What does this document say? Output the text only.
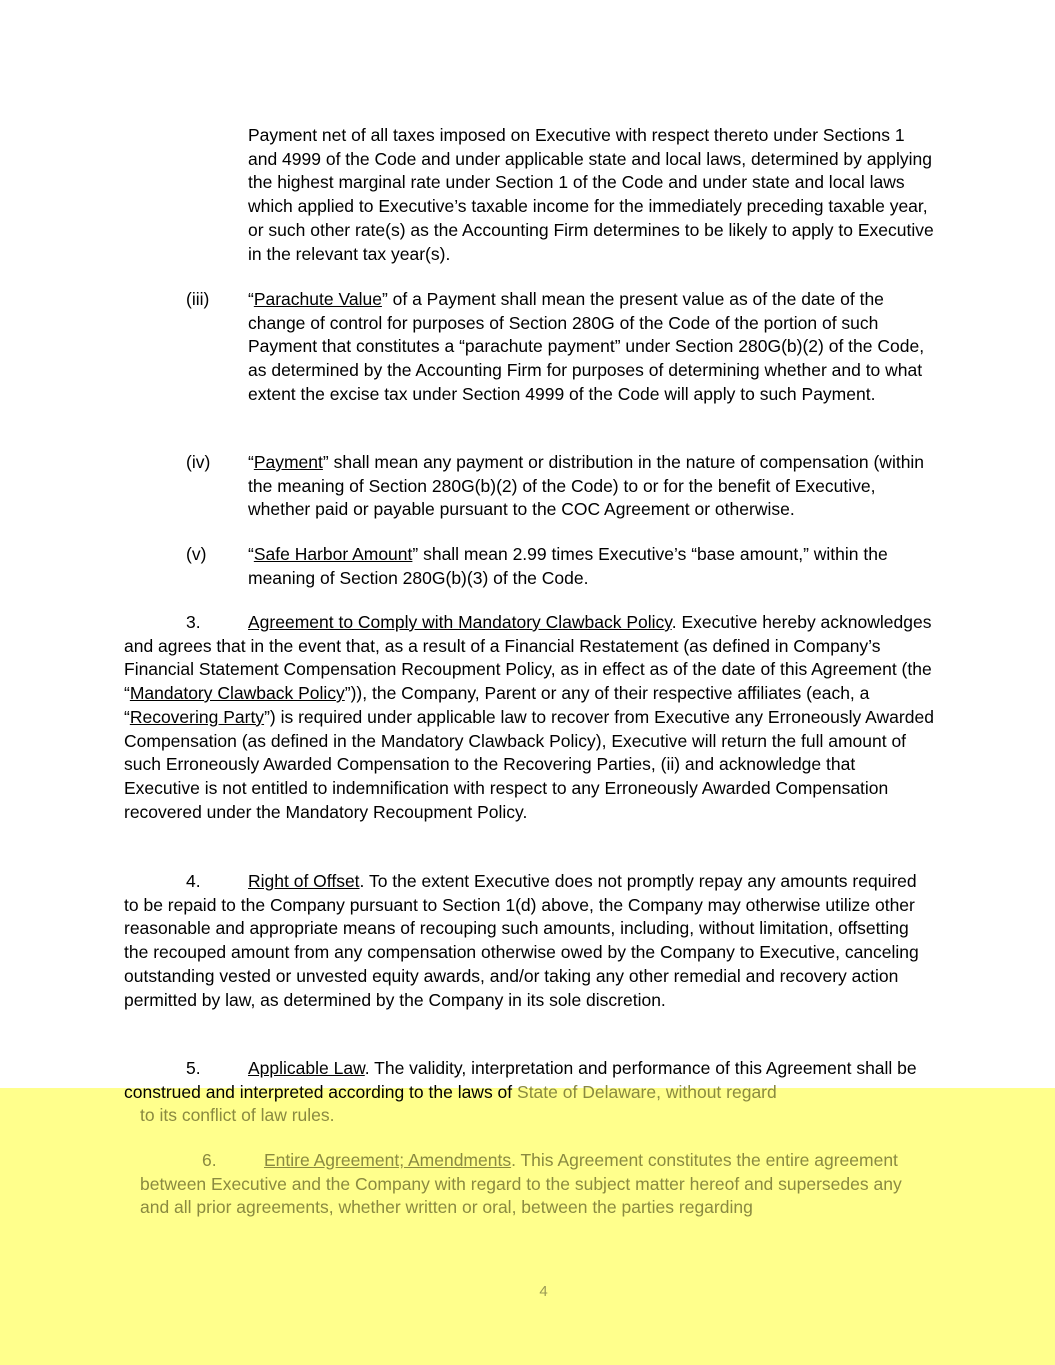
Payment net of all taxes imposed on Executive with respect thereto under Sections 1 and 4999 of the Code and under applicable state and local laws, determined by applying the highest marginal rate under Section 1 of the Code and under state and local laws which applied to Executive’s taxable income for the immediately preceding taxable year, or such other rate(s) as the Accounting Firm determines to be likely to apply to Executive in the relevant tax year(s).
(iii) “Parachute Value” of a Payment shall mean the present value as of the date of the change of control for purposes of Section 280G of the Code of the portion of such Payment that constitutes a “parachute payment” under Section 280G(b)(2) of the Code, as determined by the Accounting Firm for purposes of determining whether and to what extent the excise tax under Section 4999 of the Code will apply to such Payment.
(iv) “Payment” shall mean any payment or distribution in the nature of compensation (within the meaning of Section 280G(b)(2) of the Code) to or for the benefit of Executive, whether paid or payable pursuant to the COC Agreement or otherwise.
(v) “Safe Harbor Amount” shall mean 2.99 times Executive’s “base amount,” within the meaning of Section 280G(b)(3) of the Code.
3.	Agreement to Comply with Mandatory Clawback Policy. Executive hereby acknowledges and agrees that in the event that, as a result of a Financial Restatement (as defined in Company’s Financial Statement Compensation Recoupment Policy, as in effect as of the date of this Agreement (the “Mandatory Clawback Policy”)), the Company, Parent or any of their respective affiliates (each, a “Recovering Party”) is required under applicable law to recover from Executive any Erroneously Awarded Compensation (as defined in the Mandatory Clawback Policy), Executive will return the full amount of such Erroneously Awarded Compensation to the Recovering Parties, (ii) and acknowledge that Executive is not entitled to indemnification with respect to any Erroneously Awarded Compensation recovered under the Mandatory Recoupment Policy.
4.	Right of Offset. To the extent Executive does not promptly repay any amounts required to be repaid to the Company pursuant to Section 1(d) above, the Company may otherwise utilize other reasonable and appropriate means of recouping such amounts, including, without limitation, offsetting the recouped amount from any compensation otherwise owed by the Company to Executive, canceling outstanding vested or unvested equity awards, and/or taking any other remedial and recovery action permitted by law, as determined by the Company in its sole discretion.
5.	Applicable Law. The validity, interpretation and performance of this Agreement shall be construed and interpreted according to the laws of State of Delaware, without regard
to its conflict of law rules.
6.	Entire Agreement; Amendments. This Agreement constitutes the entire agreement between Executive and the Company with regard to the subject matter hereof and supersedes any and all prior agreements, whether written or oral, between the parties regarding
4
